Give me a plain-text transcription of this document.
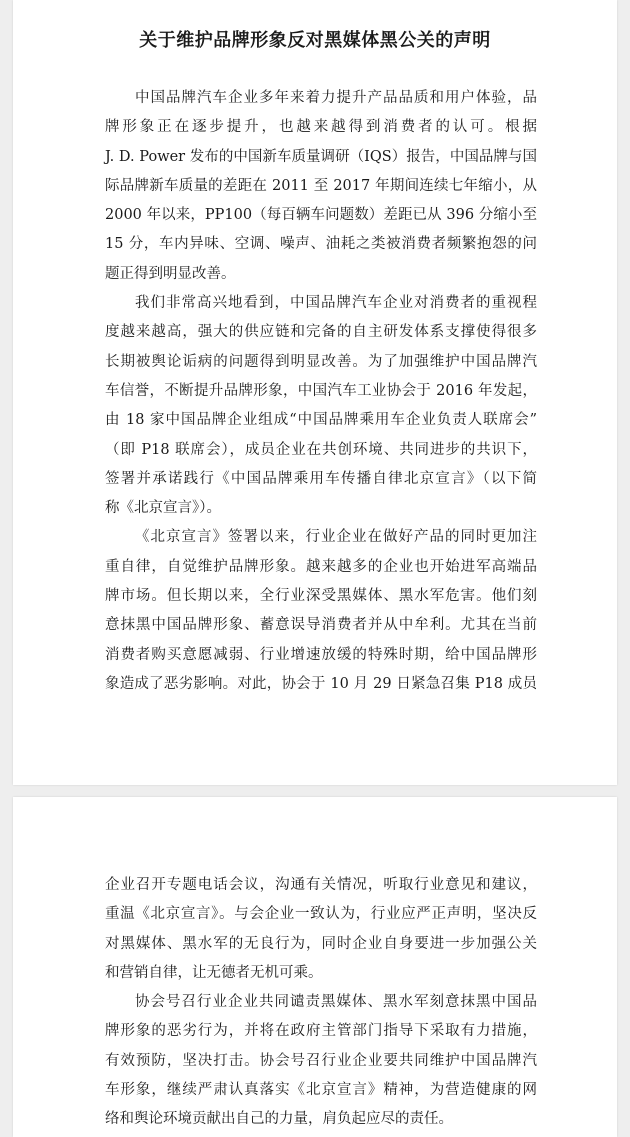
关于维护品牌形象反对黑媒体黑公关的声明
中国品牌汽车企业多年来着力提升产品品质和用户体验，品
牌形象正在逐步提升，也越来越得到消费者的认可。根据
J. D. Power 发布的中国新车质量调研（IQS）报告，中国品牌与国
际品牌新车质量的差距在 2011 至 2017 年期间连续七年缩小，从
2000 年以来，PP100（每百辆车问题数）差距已从 396 分缩小至
15 分，车内异味、空调、噪声、油耗之类被消费者频繁抱怨的问
题正得到明显改善。
我们非常高兴地看到，中国品牌汽车企业对消费者的重视程
度越来越高，强大的供应链和完备的自主研发体系支撑使得很多
长期被舆论诟病的问题得到明显改善。为了加强维护中国品牌汽
车信誉，不断提升品牌形象，中国汽车工业协会于 2016 年发起，
由 18 家中国品牌企业组成“中国品牌乘用车企业负责人联席会”
（即 P18 联席会），成员企业在共创环境、共同进步的共识下，
签署并承诺践行《中国品牌乘用车传播自律北京宣言》（以下简
称《北京宣言》）。
《北京宣言》签署以来，行业企业在做好产品的同时更加注
重自律，自觉维护品牌形象。越来越多的企业也开始进军高端品
牌市场。但长期以来，全行业深受黑媒体、黑水军危害。他们刻
意抹黑中国品牌形象、蓄意误导消费者并从中牟利。尤其在当前
消费者购买意愿减弱、行业增速放缓的特殊时期，给中国品牌形
象造成了恶劣影响。对此，协会于 10 月 29 日紧急召集 P18 成员
企业召开专题电话会议，沟通有关情况，听取行业意见和建议，
重温《北京宣言》。与会企业一致认为，行业应严正声明，坚决反
对黑媒体、黑水军的无良行为，同时企业自身要进一步加强公关
和营销自律，让无德者无机可乘。
协会号召行业企业共同谴责黑媒体、黑水军刻意抹黑中国品
牌形象的恶劣行为，并将在政府主管部门指导下采取有力措施，
有效预防，坚决打击。协会号召行业企业要共同维护中国品牌汽
车形象，继续严肃认真落实《北京宣言》精神，为营造健康的网
络和舆论环境贡献出自己的力量，肩负起应尽的责任。
